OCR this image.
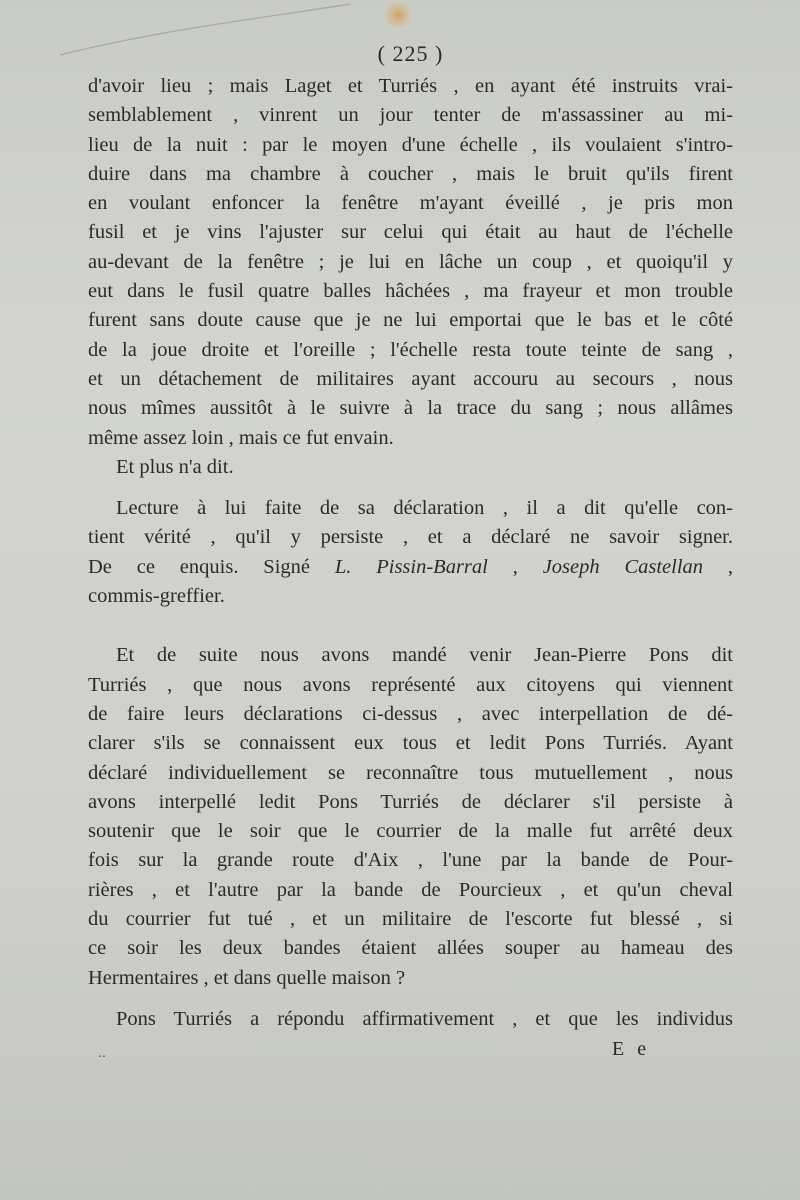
( 225 )
d'avoir lieu ; mais Laget et Turriés , en ayant été instruits vrai-
semblablement , vinrent un jour tenter de m'assassiner au mi-
lieu de la nuit : par le moyen d'une échelle , ils voulaient s'intro-
duire dans ma chambre à coucher , mais le bruit qu'ils firent
en voulant enfoncer la fenêtre m'ayant éveillé , je pris mon
fusil et je vins l'ajuster sur celui qui était au haut de l'échelle
au-devant de la fenêtre ; je lui en lâche un coup , et quoiqu'il y
eut dans le fusil quatre balles hâchées , ma frayeur et mon trouble
furent sans doute cause que je ne lui emportai que le bas et le côté
de la joue droite et l'oreille ; l'échelle resta toute teinte de sang ,
et un détachement de militaires ayant accouru au secours , nous
nous mîmes aussitôt à le suivre à la trace du sang ; nous allâmes
même assez loin , mais ce fut envain.
Et plus n'a dit.
Lecture à lui faite de sa déclaration , il a dit qu'elle con-
tient vérité , qu'il y persiste , et a déclaré ne savoir signer.
De ce enquis. Signé L. Pissin-Barral , Joseph Castellan ,
commis-greffier.
Et de suite nous avons mandé venir Jean-Pierre Pons dit
Turriés , que nous avons représenté aux citoyens qui viennent
de faire leurs déclarations ci-dessus , avec interpellation de dé-
clarer s'ils se connaissent eux tous et ledit Pons Turriés. Ayant
déclaré individuellement se reconnaître tous mutuellement , nous
avons interpellé ledit Pons Turriés de déclarer s'il persiste à
soutenir que le soir que le courrier de la malle fut arrêté deux
fois sur la grande route d'Aix , l'une par la bande de Pour-
rières , et l'autre par la bande de Pourcieux , et qu'un cheval
du courrier fut tué , et un militaire de l'escorte fut blessé , si
ce soir les deux bandes étaient allées souper au hameau des
Hermentaires , et dans quelle maison ?
Pons Turriés a répondu affirmativement , et que les individus
‥	E e
